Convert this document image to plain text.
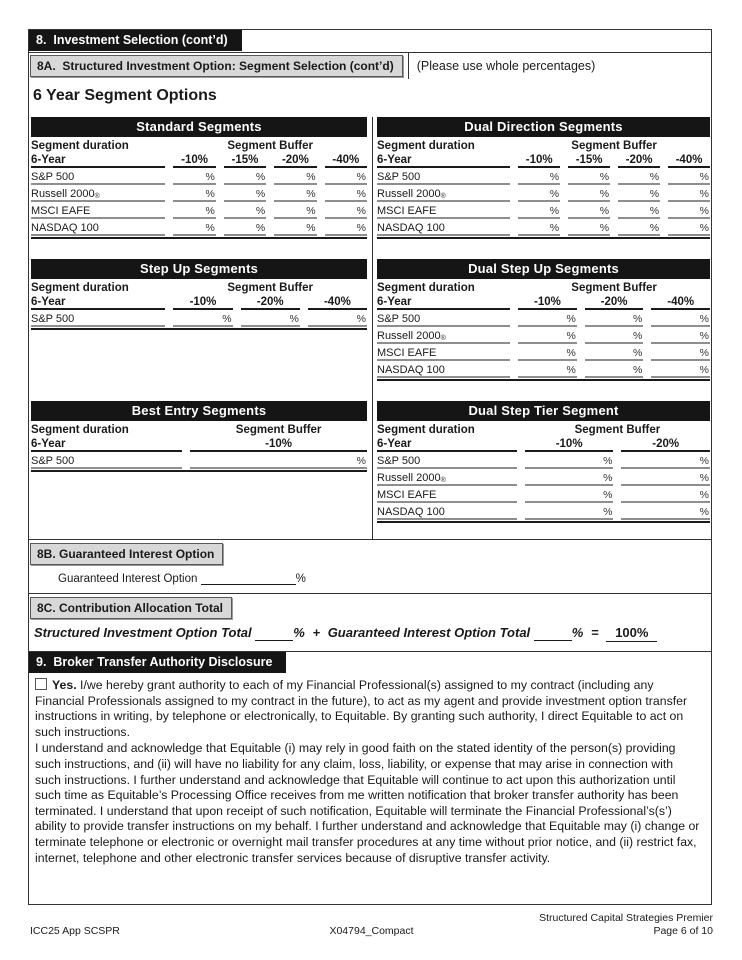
8.  Investment Selection (cont’d)
8A.  Structured Investment Option: Segment Selection (cont’d)	(Please use whole percentages)
6 Year Segment Options
Standard Segments
Segment duration	Segment Buffer
6-Year	-10%	-15%	-20%	-40%
S&P 500	%	%	%	%
Russell 2000 ®	%	%	%	%
MSCI EAFE	%	%	%	%
NASDAQ 100	%	%	%	%
Dual Direction Segments
Segment duration	Segment Buffer
6-Year	-10%	-15%	-20%	-40%
S&P 500	%	%	%	%
Russell 2000 ®	%	%	%	%
MSCI EAFE	%	%	%	%
NASDAQ 100	%	%	%	%
Step Up Segments
Segment duration	Segment Buffer
6-Year	-10%	-20%	-40%
S&P 500	%	%	%
Dual Step Up Segments
Segment duration	Segment Buffer
6-Year	-10%	-20%	-40%
S&P 500	%	%	%
Russell 2000 ®	%	%	%
MSCI EAFE	%	%	%
NASDAQ 100	%	%	%
Best Entry Segments
Segment duration	Segment Buffer
6-Year	-10%
S&P 500	%
Dual Step Tier Segment
Segment duration	Segment Buffer
6-Year	-10%	-20%
S&P 500	%	%
Russell 2000 ®	%	%
MSCI EAFE	%	%
NASDAQ 100	%	%
8B. Guaranteed Interest Option
Guaranteed Interest Option	%
8C. Contribution Allocation Total
Structured Investment Option Total	% + Guaranteed Interest Option Total	% = 100%
9.  Broker Transfer Authority Disclosure
Yes. I/we hereby grant authority to each of my Financial Professional(s) assigned to my contract (including any Financial Professionals assigned to my contract in the future), to act as my agent and provide investment option transfer instructions in writing, by telephone or electronically, to Equitable. By granting such authority, I direct Equitable to act on such instructions.
I understand and acknowledge that Equitable (i) may rely in good faith on the stated identity of the person(s) providing such instructions, and (ii) will have no liability for any claim, loss, liability, or expense that may arise in connection with such instructions. I further understand and acknowledge that Equitable will continue to act upon this authorization until such time as Equitable’s Processing Office receives from me written notification that broker transfer authority has been terminated. I understand that upon receipt of such notification, Equitable will terminate the Financial Professional’s(s’) ability to provide transfer instructions on my behalf. I further understand and acknowledge that Equitable may (i) change or terminate telephone or electronic or overnight mail transfer procedures at any time without prior notice, and (ii) restrict fax, internet, telephone and other electronic transfer services because of disruptive transfer activity.
ICC25 App SCSPR	X04794_Compact
Structured Capital Strategies Premier
Page 6 of 10
